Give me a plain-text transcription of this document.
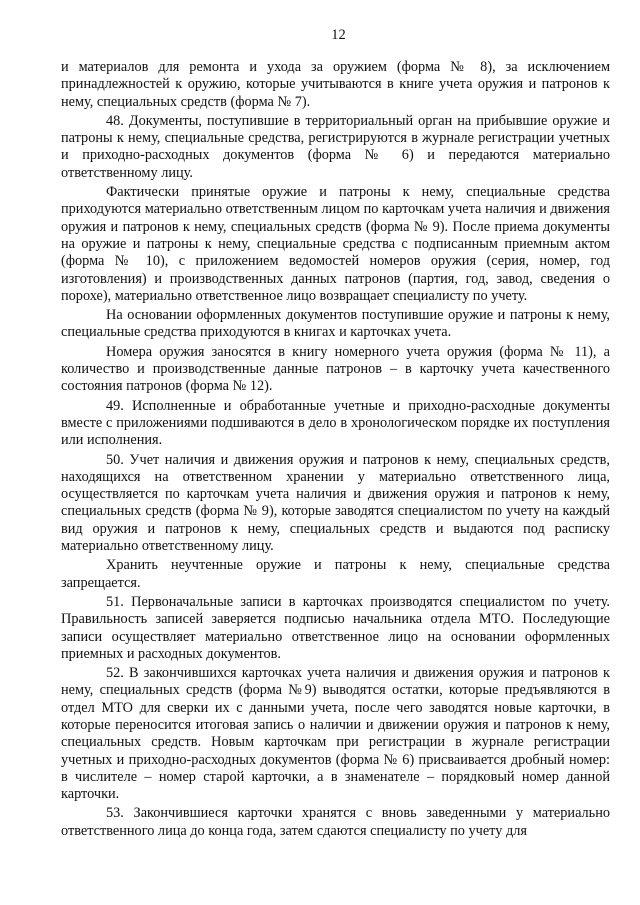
12

и материалов для ремонта и ухода за оружием (форма № 8), за исключением принадлежностей к оружию, которые учитываются в книге учета оружия и патронов к нему, специальных средств (форма № 7).

48. Документы, поступившие в территориальный орган на прибывшие оружие и патроны к нему, специальные средства, регистрируются в журнале регистрации учетных и приходно-расходных документов (форма № 6) и передаются материально ответственному лицу.

Фактически принятые оружие и патроны к нему, специальные средства приходуются материально ответственным лицом по карточкам учета наличия и движения оружия и патронов к нему, специальных средств (форма № 9). После приема документы на оружие и патроны к нему, специальные средства с подписанным приемным актом (форма № 10), с приложением ведомостей номеров оружия (серия, номер, год изготовления) и производственных данных патронов (партия, год, завод, сведения о порохе), материально ответственное лицо возвращает специалисту по учету.

На основании оформленных документов поступившие оружие и патроны к нему, специальные средства приходуются в книгах и карточках учета.

Номера оружия заносятся в книгу номерного учета оружия (форма № 11), а количество и производственные данные патронов – в карточку учета качественного состояния патронов (форма № 12).

49. Исполненные и обработанные учетные и приходно-расходные документы вместе с приложениями подшиваются в дело в хронологическом порядке их поступления или исполнения.

50. Учет наличия и движения оружия и патронов к нему, специальных средств, находящихся на ответственном хранении у материально ответственного лица, осуществляется по карточкам учета наличия и движения оружия и патронов к нему, специальных средств (форма № 9), которые заводятся специалистом по учету на каждый вид оружия и патронов к нему, специальных средств и выдаются под расписку материально ответственному лицу.

Хранить неучтенные оружие и патроны к нему, специальные средства запрещается.

51. Первоначальные записи в карточках производятся специалистом по учету. Правильность записей заверяется подписью начальника отдела МТО. Последующие записи осуществляет материально ответственное лицо на основании оформленных приемных и расходных документов.

52. В закончившихся карточках учета наличия и движения оружия и патронов к нему, специальных средств (форма №9) выводятся остатки, которые предъявляются в отдел МТО для сверки их с данными учета, после чего заводятся новые карточки, в которые переносится итоговая запись о наличии и движении оружия и патронов к нему, специальных средств. Новым карточкам при регистрации в журнале регистрации учетных и приходно-расходных документов (форма № 6) присваивается дробный номер: в числителе – номер старой карточки, а в знаменателе – порядковый номер данной карточки.

53. Закончившиеся карточки хранятся с вновь заведенными у материально ответственного лица до конца года, затем сдаются специалисту по учету для
